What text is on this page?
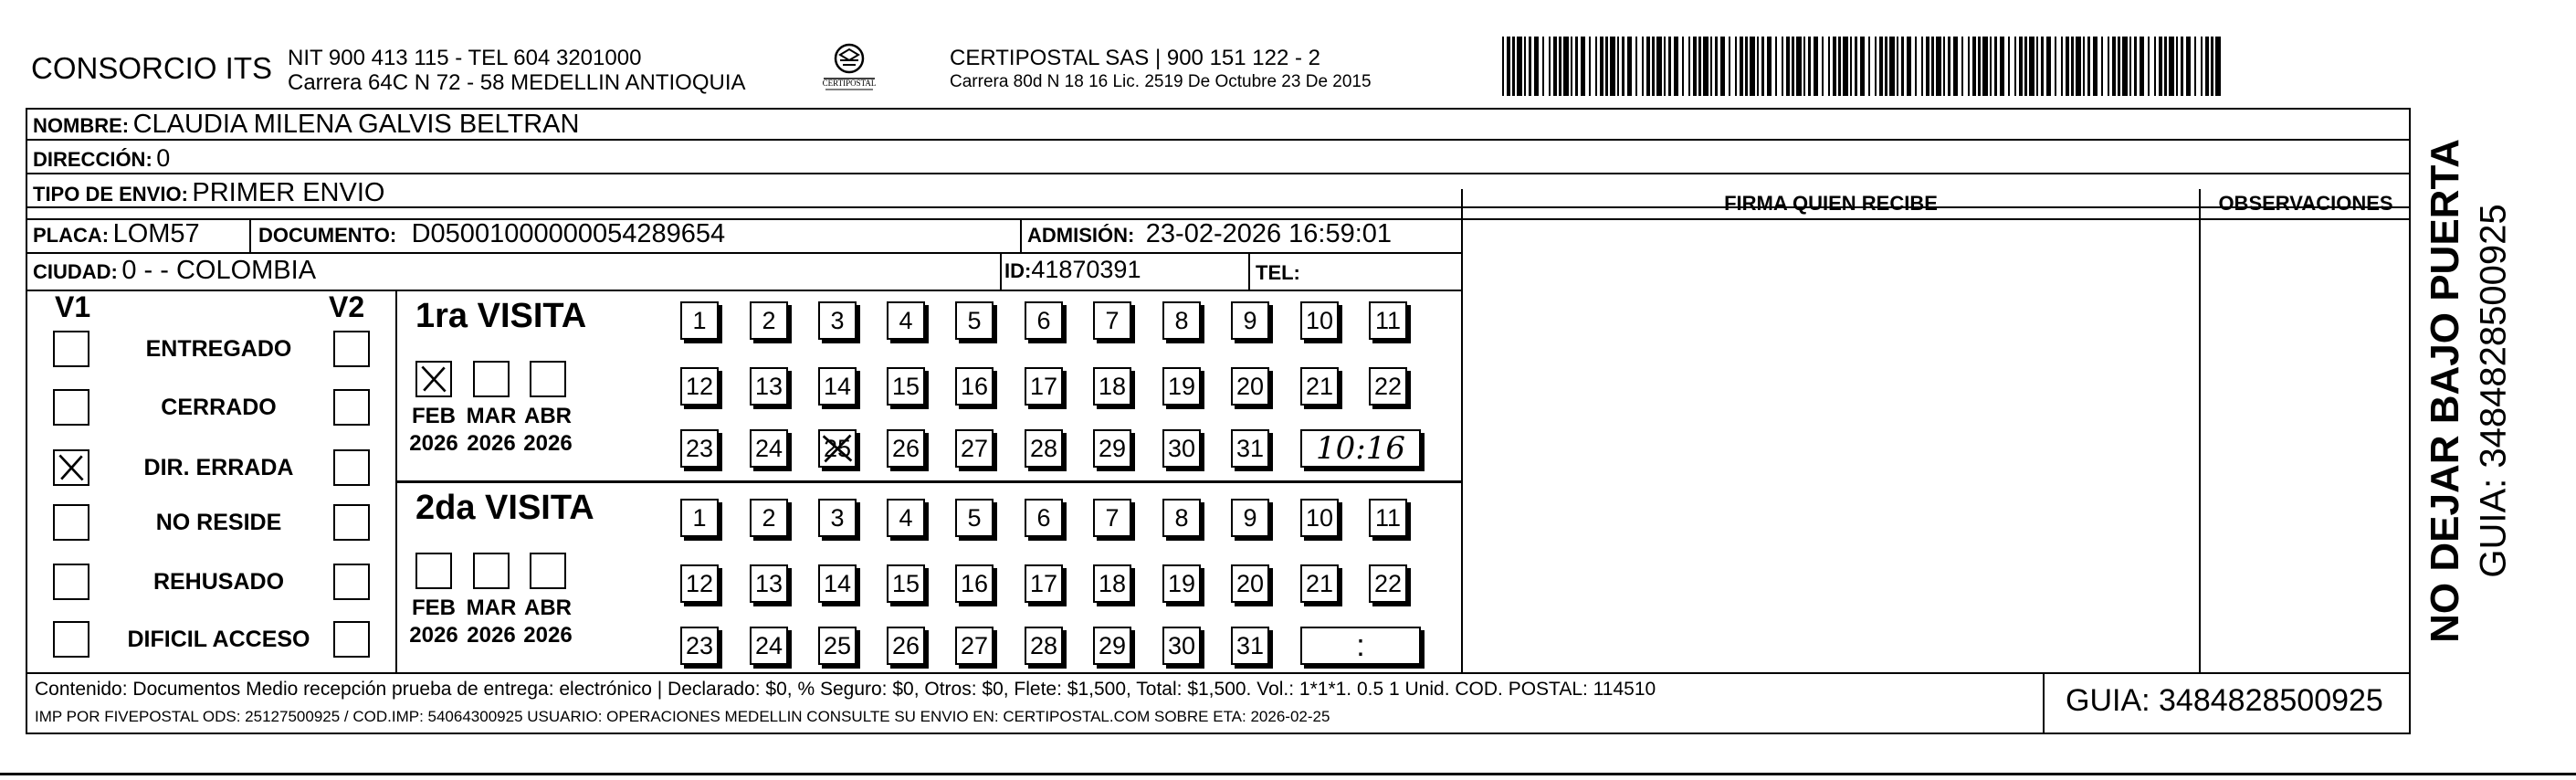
CONSORCIO ITS NIT 900 413 115 - TEL 604 3201000
Carrera 64C N 72 - 58 MEDELLIN ANTIOQUIA	CERTIPOSTAL
CERTIPOSTAL SAS | 900 151 122 - 2
Carrera 80d N 18 16 Lic. 2519 De Octubre 23 De 2015
NOMBRE: CLAUDIA MILENA GALVIS BELTRAN
DIRECCIÓN: 0
TIPO DE ENVIO: PRIMER ENVIO	FIRMA QUIEN RECIBE	OBSERVACIONES
PLACA: LOM57	DOCUMENTO: D05001000000054289654	ADMISIÓN: 23-02-2026 16:59:01
CIUDAD: 0 - - COLOMBIA	ID:41870391	TEL:
V1	V2
ENTREGADO
CERRADO
DIR. ERRADA
NO RESIDE
REHUSADO
DIFICIL ACCESO
1ra VISITA
FEB
2026
MAR
2026
ABR
2026
1	2	3	4	5	6	7	8	9	10 11
12 13 14 15 16 17 18 19 20 21 22
23 24 25 26 27 28 29 30 31	10:16
2da VISITA
FEB
2026
MAR
2026
ABR
2026
1	2	3	4	5	6	7	8	9	10 11
12 13 14 15 16 17 18 19 20 21 22
23 24 25 26 27 28 29 30 31	:
Contenido: Documentos Medio recepción prueba de entrega: electrónico | Declarado: $0, % Seguro: $0, Otros: $0, Flete: $1,500, Total: $1,500. Vol.: 1*1*1. 0.5 1 Unid. COD. POSTAL: 114510
IMP POR FIVEPOSTAL ODS: 25127500925 / COD.IMP: 54064300925 USUARIO: OPERACIONES MEDELLIN CONSULTE SU ENVIO EN: CERTIPOSTAL.COM SOBRE ETA: 2026-02-25	GUIA: 3484828500925
NO DEJAR BAJO PUERTA GUIA: 3484828500925
